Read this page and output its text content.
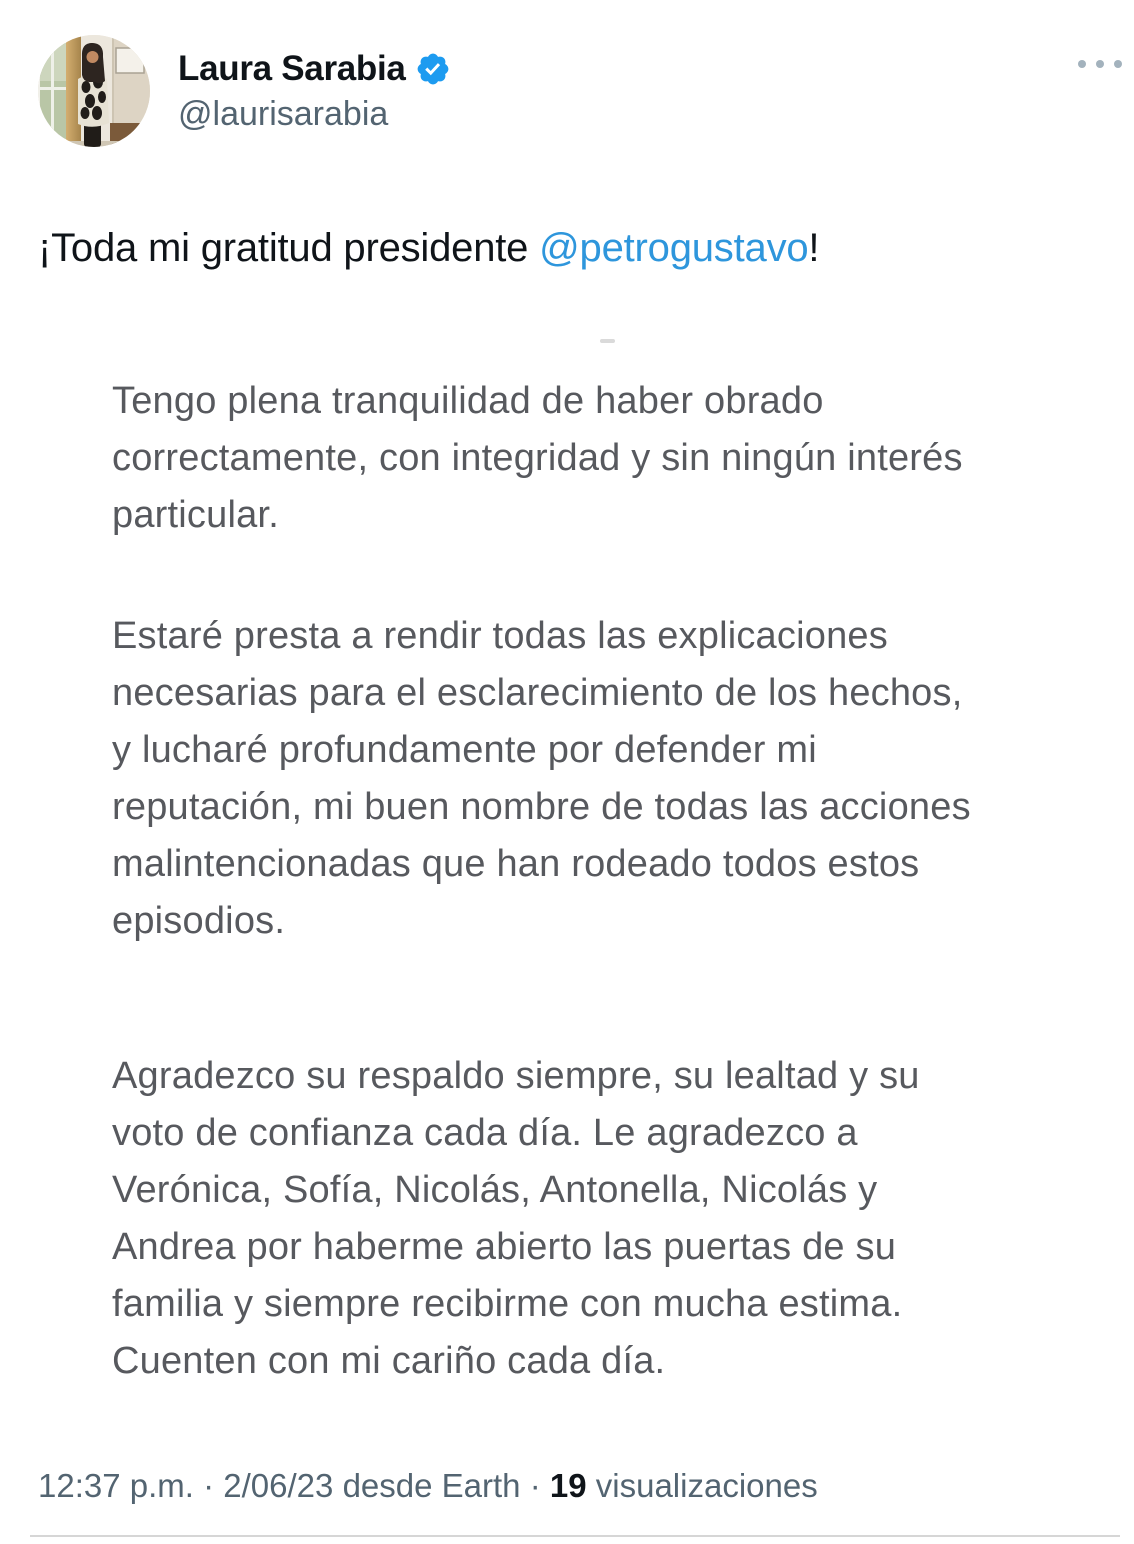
Laura Sarabia
@laurisarabia
¡Toda mi gratitud presidente @petrogustavo!
Tengo plena tranquilidad de haber obrado
correctamente, con integridad y sin ningún interés
particular.
Estaré presta a rendir todas las explicaciones
necesarias para el esclarecimiento de los hechos,
y lucharé profundamente por defender mi
reputación, mi buen nombre de todas las acciones
malintencionadas que han rodeado todos estos
episodios.
Agradezco su respaldo siempre, su lealtad y su
voto de confianza cada día. Le agradezco a
Verónica, Sofía, Nicolás, Antonella, Nicolás y
Andrea por haberme abierto las puertas de su
familia y siempre recibirme con mucha estima.
Cuenten con mi cariño cada día.
12:37 p.m. · 2/06/23 desde Earth · 19 visualizaciones
